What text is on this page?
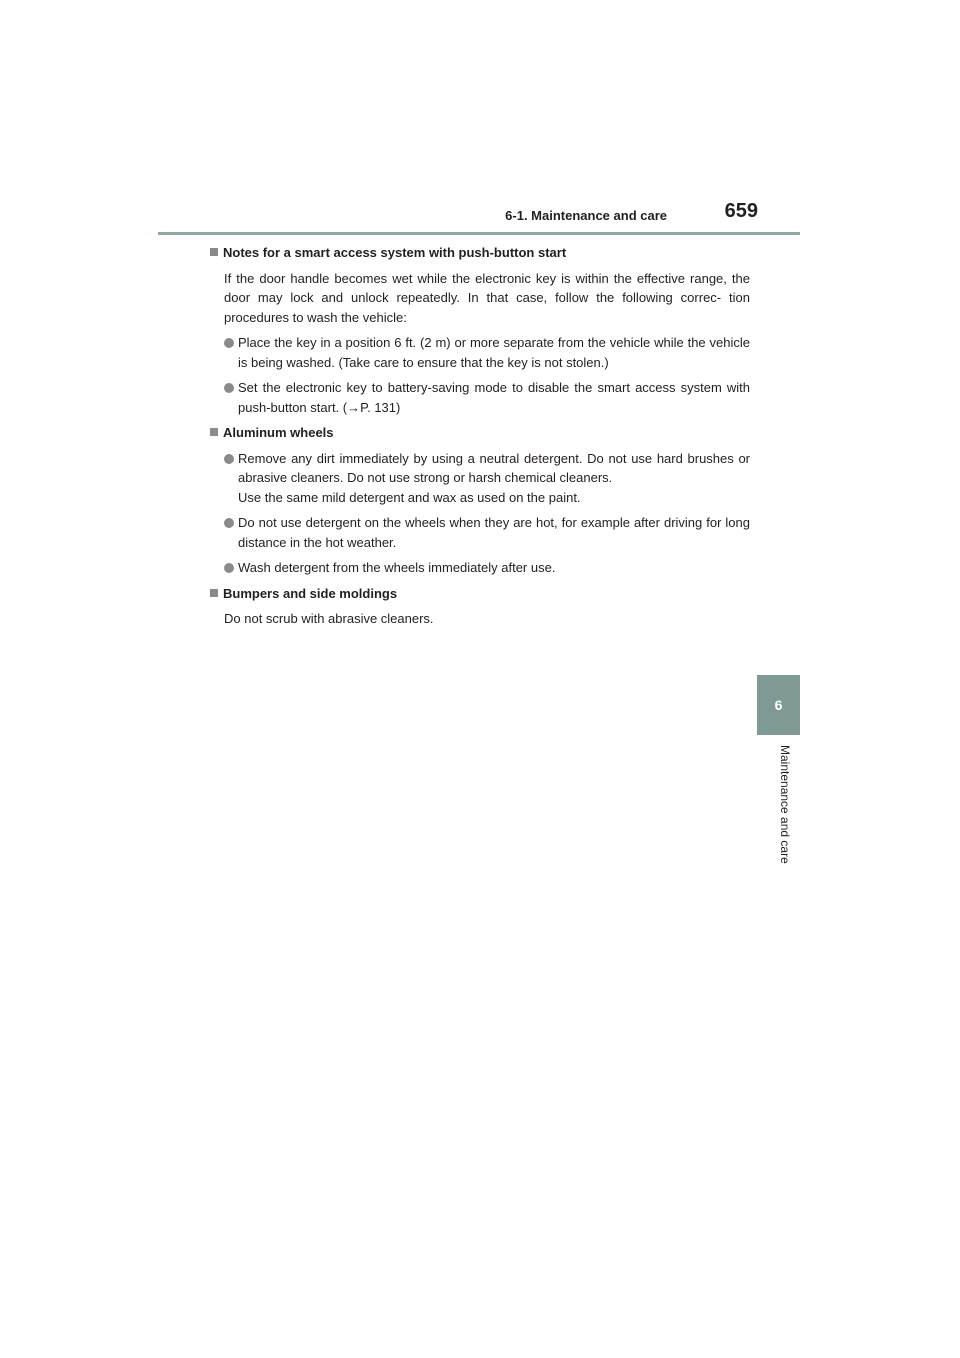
6-1. Maintenance and care	659
6
Maintenance and care
Notes for a smart access system with push-button start
If the door handle becomes wet while the electronic key is within the effective range, the door may lock and unlock repeatedly. In that case, follow the following correc- tion procedures to wash the vehicle:
Place the key in a position 6 ft. (2 m) or more separate from the vehicle while the vehicle is being washed. (Take care to ensure that the key is not stolen.)
Set the electronic key to battery-saving mode to disable the smart access system with push-button start. (→P. 131)
Aluminum wheels
Remove any dirt immediately by using a neutral detergent. Do not use hard brushes or abrasive cleaners. Do not use strong or harsh chemical cleaners.
Use the same mild detergent and wax as used on the paint.
Do not use detergent on the wheels when they are hot, for example after driving for long distance in the hot weather.
Wash detergent from the wheels immediately after use.
Bumpers and side moldings
Do not scrub with abrasive cleaners.
